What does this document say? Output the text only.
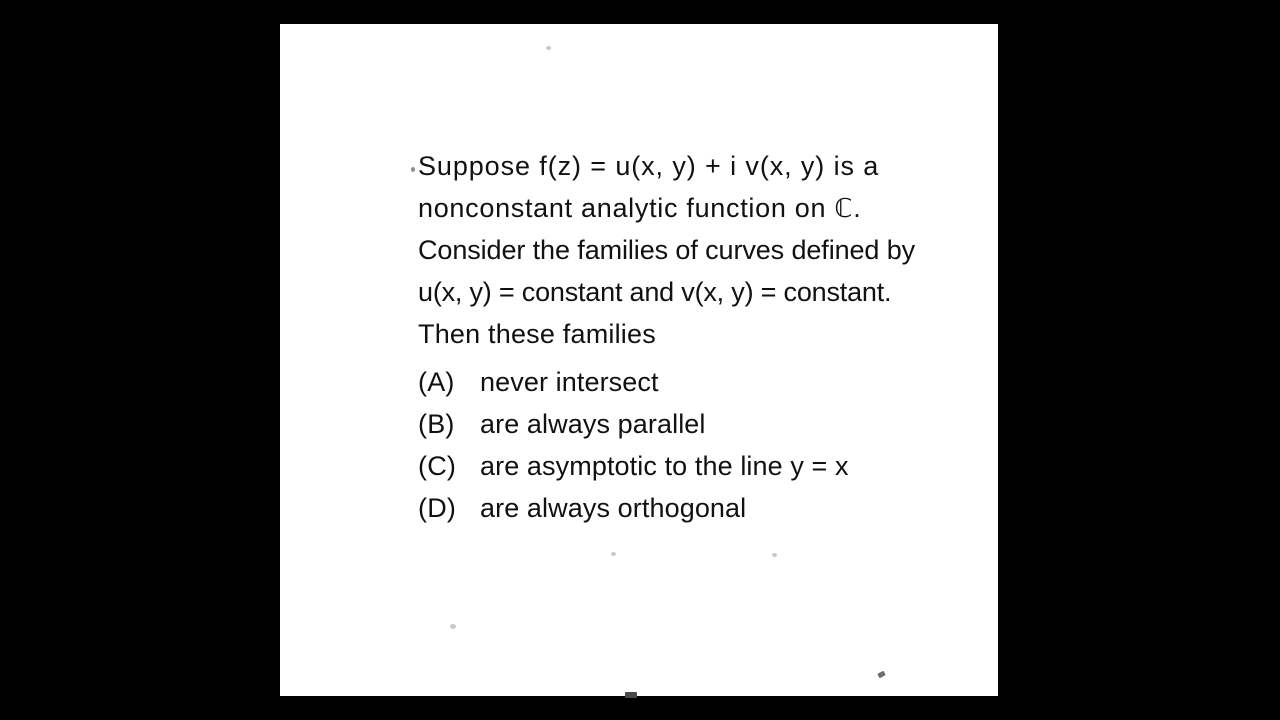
Suppose f(z) = u(x, y) + i v(x, y) is a
nonconstant analytic function on ℂ.
Consider the families of curves defined by
u(x, y) = constant and v(x, y) = constant.
Then these families
(A) never intersect
(B) are always parallel
(C) are asymptotic to the line y = x
(D) are always orthogonal
